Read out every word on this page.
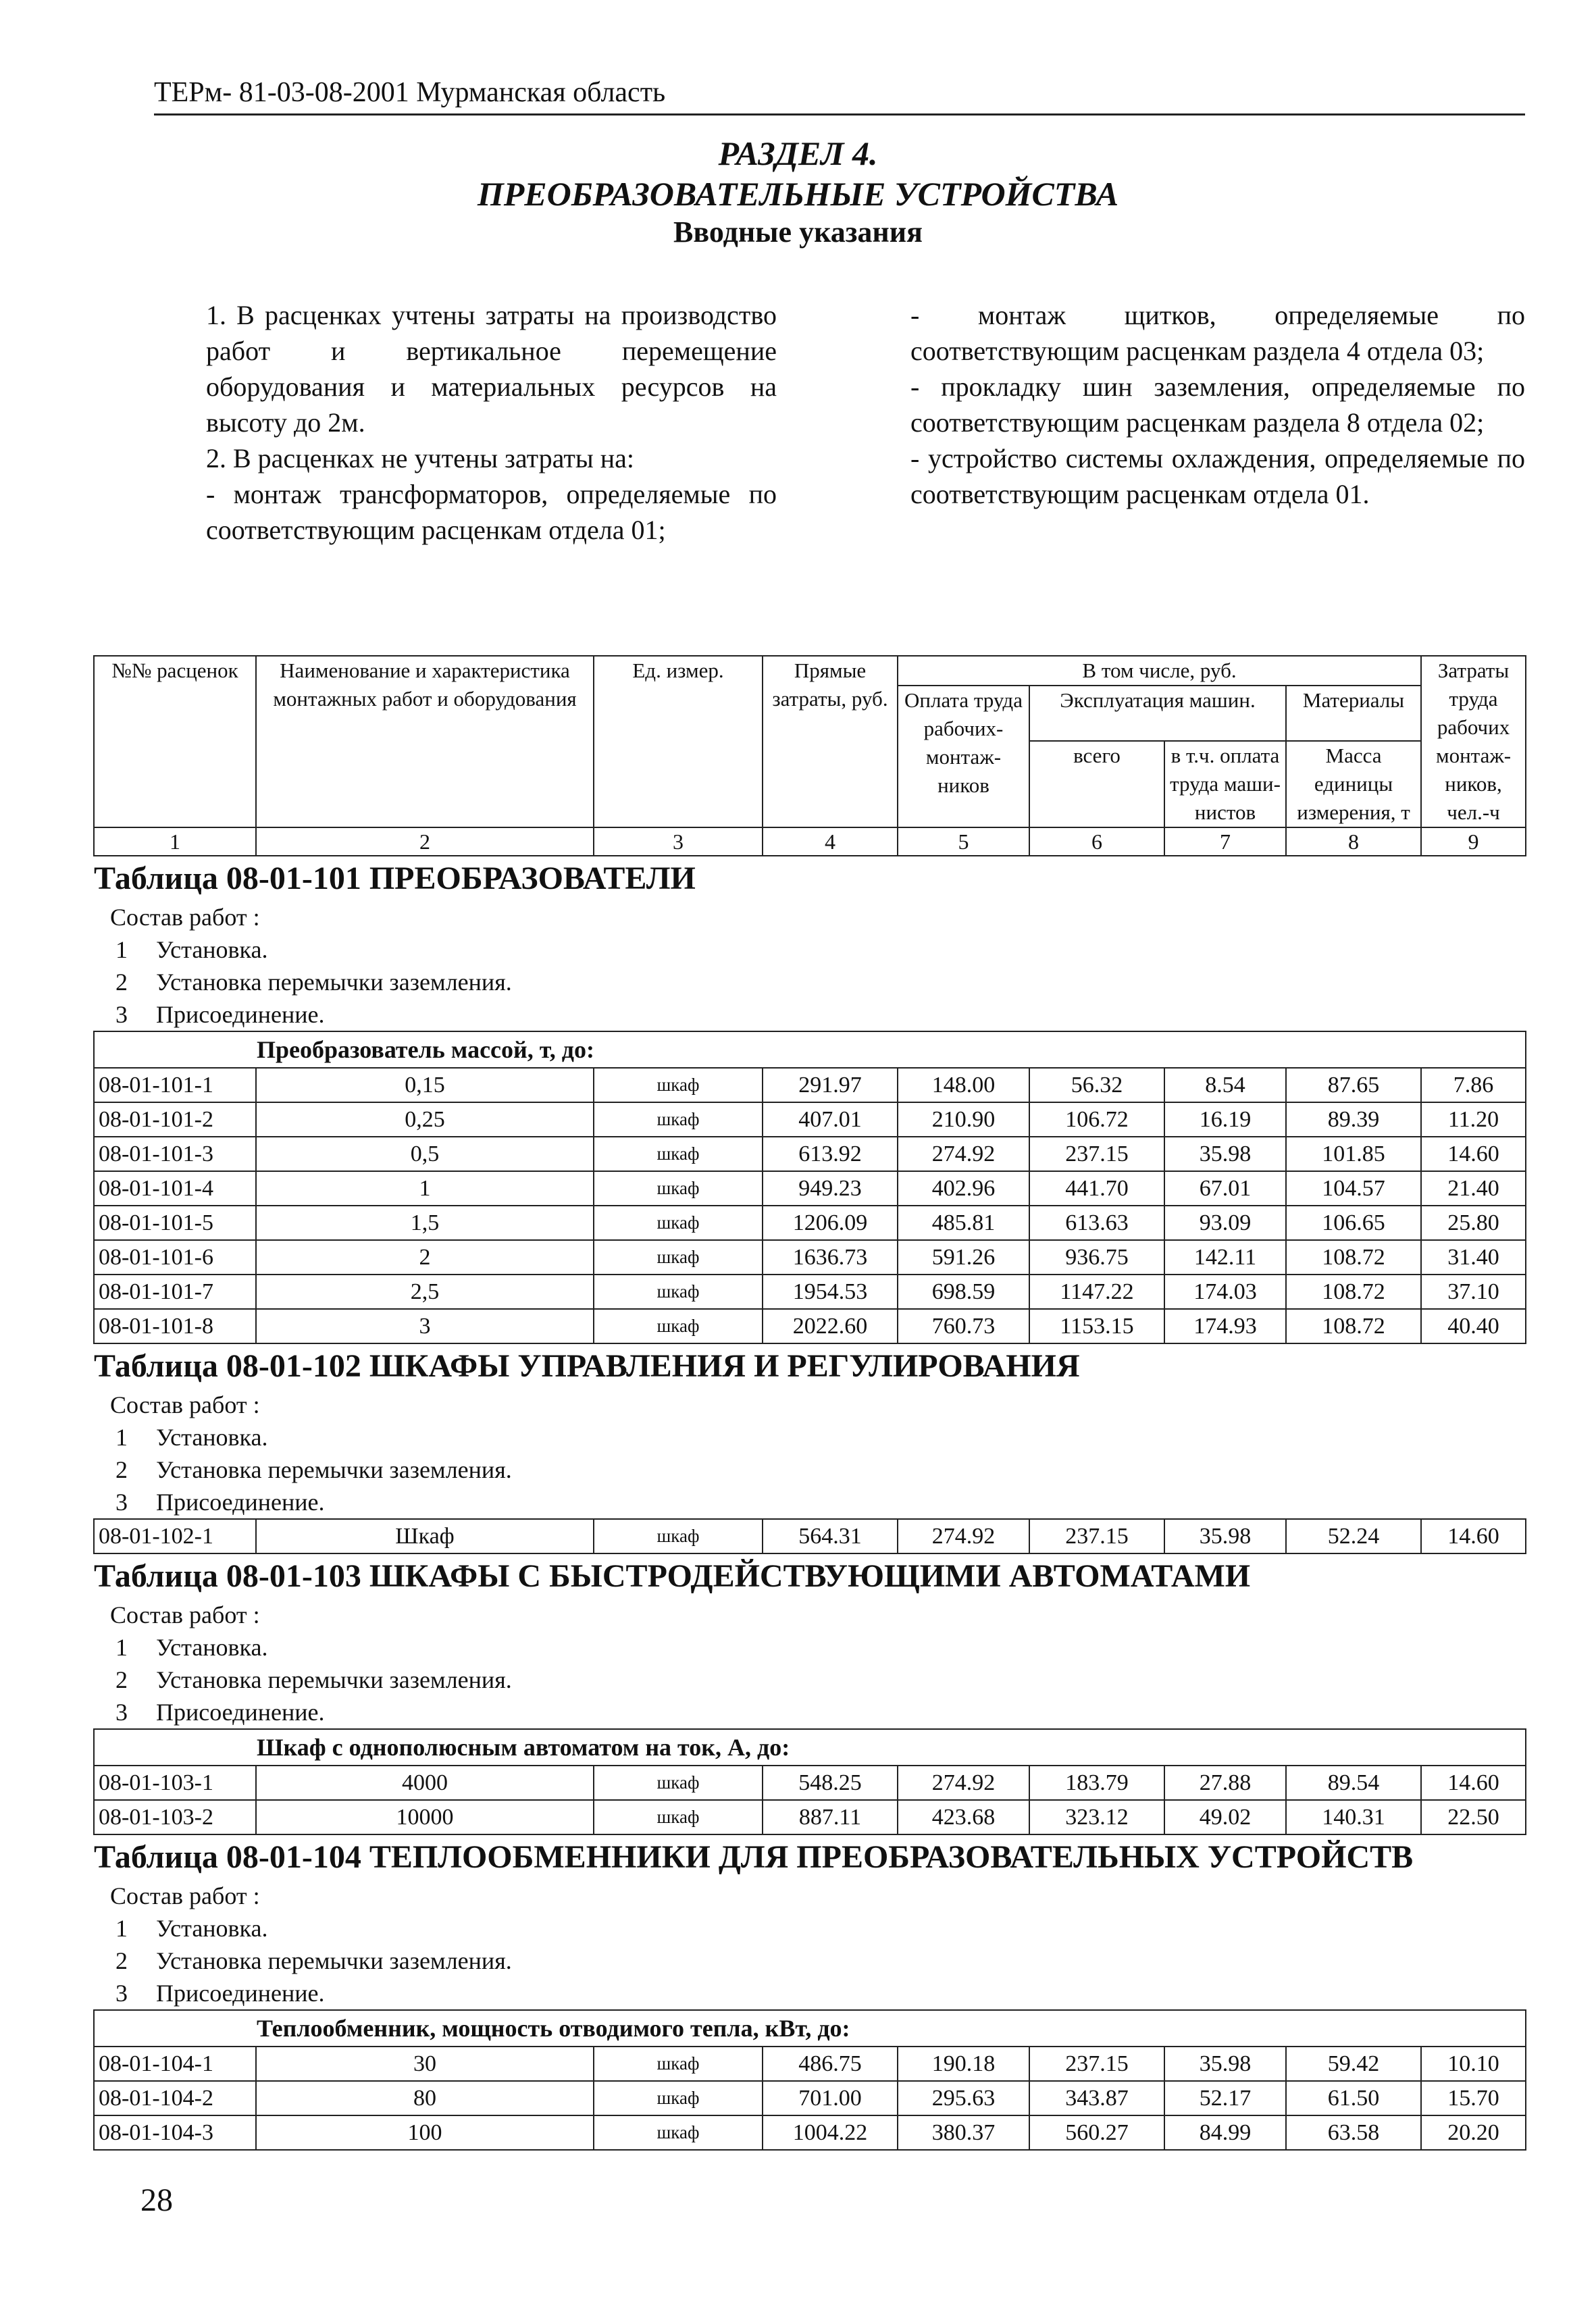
ТЕРм- 81-03-08-2001 Мурманская область
РАЗДЕЛ 4.
ПРЕОБРАЗОВАТЕЛЬНЫЕ УСТРОЙСТВА
Вводные указания

1. В расценках учтены затраты на производство работ и вертикальное перемещение оборудования и материальных ресурсов на высоту до 2м.

2. В расценках не учтены затраты на:

- монтаж трансформаторов, определяемые по соответствующим расценкам отдела 01;

- монтаж щитков, определяемые по соответствующим расценкам раздела 4 отдела 03;

- прокладку шин заземления, определяемые по соответствующим расценкам раздела 8 отдела 02;

- устройство системы охлаждения, определяемые по соответствующим расценкам отдела 01.

№№ расценок	Наименование и характеристика монтажных работ и оборудования	Ед. измер.	Прямые затраты, руб.	В том числе, руб.				Затраты труда рабочих монтаж-ников, чел.-ч
				Оплата труда рабочих-монтаж-ников	Эксплуатация машин.		Материалы	
					всего	в т.ч. оплата труда маши-нистов	Масса единицы измерения, т	
1	2	3	4	5	6	7	8	9

Таблица 08-01-101 ПРЕОБРАЗОВАТЕЛИ
Состав работ :
1 Установка.
2 Установка перемычки заземления.
3 Присоединение.								

Преобразователь массой, т, до:								
08-01-101-1	0,15	шкаф	291.97	148.00	56.32	8.54	87.65	7.86
08-01-101-2	0,25	шкаф	407.01	210.90	106.72	16.19	89.39	11.20
08-01-101-3	0,5	шкаф	613.92	274.92	237.15	35.98	101.85	14.60
08-01-101-4	1	шкаф	949.23	402.96	441.70	67.01	104.57	21.40
08-01-101-5	1,5	шкаф	1206.09	485.81	613.63	93.09	106.65	25.80
08-01-101-6	2	шкаф	1636.73	591.26	936.75	142.11	108.72	31.40
08-01-101-7	2,5	шкаф	1954.53	698.59	1147.22	174.03	108.72	37.10
08-01-101-8	3	шкаф	2022.60	760.73	1153.15	174.93	108.72	40.40

Таблица 08-01-102 ШКАФЫ УПРАВЛЕНИЯ И РЕГУЛИРОВАНИЯ
Состав работ :
1 Установка.
2 Установка перемычки заземления.
3 Присоединение.								

08-01-102-1	Шкаф	шкаф	564.31	274.92	237.15	35.98	52.24	14.60

Таблица 08-01-103 ШКАФЫ С БЫСТРОДЕЙСТВУЮЩИМИ АВТОМАТАМИ
Состав работ :
1 Установка.
2 Установка перемычки заземления.
3 Присоединение.								

Шкаф с однополюсным автоматом на ток, А, до:								
08-01-103-1	4000	шкаф	548.25	274.92	183.79	27.88	89.54	14.60
08-01-103-2	10000	шкаф	887.11	423.68	323.12	49.02	140.31	22.50

Таблица 08-01-104 ТЕПЛООБМЕННИКИ ДЛЯ ПРЕОБРАЗОВАТЕЛЬНЫХ УСТРОЙСТВ
Состав работ :
1 Установка.
2 Установка перемычки заземления.
3 Присоединение.								

Теплообменник, мощность отводимого тепла, кВт, до:								
08-01-104-1	30	шкаф	486.75	190.18	237.15	35.98	59.42	10.10
08-01-104-2	80	шкаф	701.00	295.63	343.87	52.17	61.50	15.70
08-01-104-3	100	шкаф	1004.22	380.37	560.27	84.99	63.58	20.20
28
